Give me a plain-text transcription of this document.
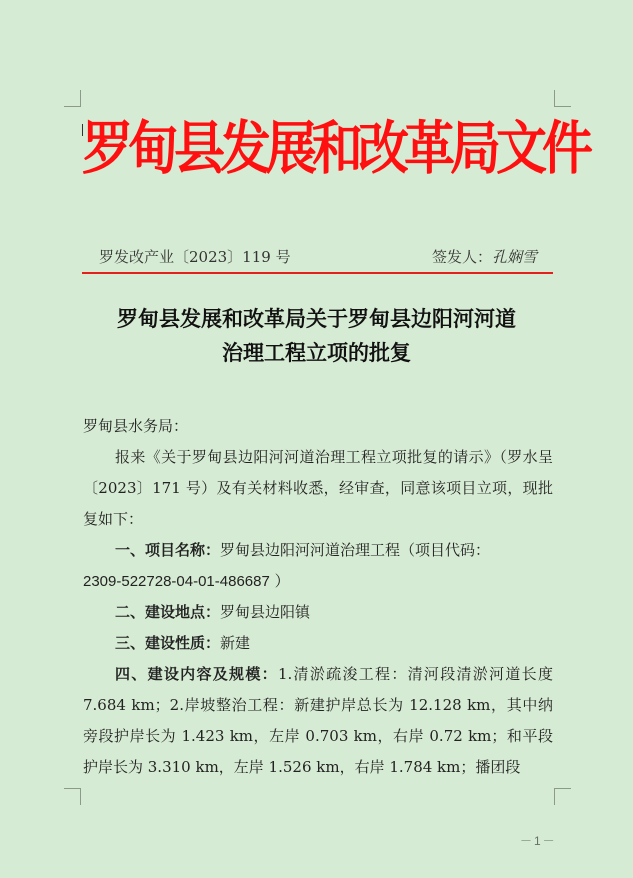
罗甸县发展和改革局文件
罗发改产业〔2023〕119 号	签发人：孔娴雪
罗甸县发展和改革局关于罗甸县边阳河河道
治理工程立项的批复

罗甸县水务局：

报来《关于罗甸县边阳河河道治理工程立项批复的请示》（罗水呈〔2023〕171 号）及有关材料收悉，经审查，同意该项目立项，现批复如下：

一、项目名称：罗甸县边阳河河道治理工程（项目代码：

2309-522728-04-01-486687 ）

二、建设地点：罗甸县边阳镇

三、建设性质：新建

四、建设内容及规模：1.清淤疏浚工程：清河段清淤河道长度 7.684 km；2.岸坡整治工程：新建护岸总长为 12.128 km，其中纳旁段护岸长为 1.423 km，左岸 0.703 km，右岸 0.72 km；和平段护岸长为 3.310 km，左岸 1.526 km，右岸 1.784 km；播团段

－1－
